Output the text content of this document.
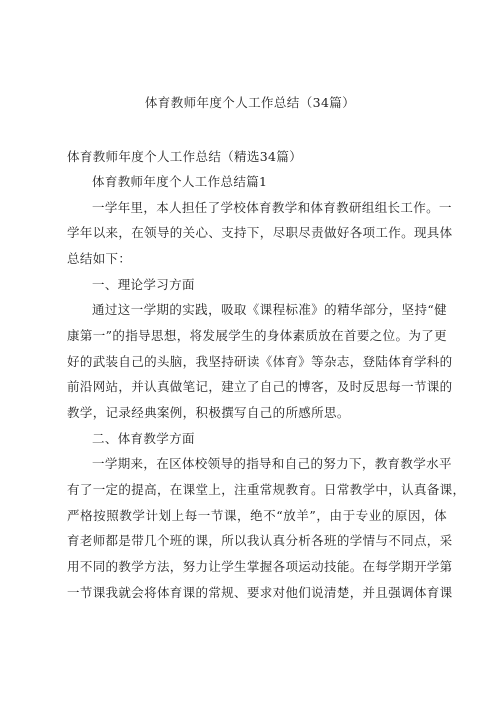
体育教师年度个人工作总结（34篇）
体育教师年度个人工作总结（精选34篇）
体育教师年度个人工作总结篇1
一学年里，本人担任了学校体育教学和体育教研组组长工作。一
学年以来，在领导的关心、支持下，尽职尽责做好各项工作。现具体
总结如下：
一、理论学习方面
通过这一学期的实践，吸取《课程标准》的精华部分，坚持“健
康第一”的指导思想，将发展学生的身体素质放在首要之位。为了更
好的武装自己的头脑，我坚持研读《体育》等杂志，登陆体育学科的
前沿网站，并认真做笔记，建立了自己的博客，及时反思每一节课的
教学，记录经典案例，积极撰写自己的所感所思。
二、体育教学方面
一学期来，在区体校领导的指导和自己的努力下，教育教学水平
有了一定的提高，在课堂上，注重常规教育。日常教学中，认真备课，
严格按照教学计划上每一节课，绝不“放羊”，由于专业的原因，体
育老师都是带几个班的课，所以我认真分析各班的学情与不同点，采
用不同的教学方法，努力让学生掌握各项运动技能。在每学期开学第
一节课我就会将体育课的常规、要求对他们说清楚，并且强调体育课
